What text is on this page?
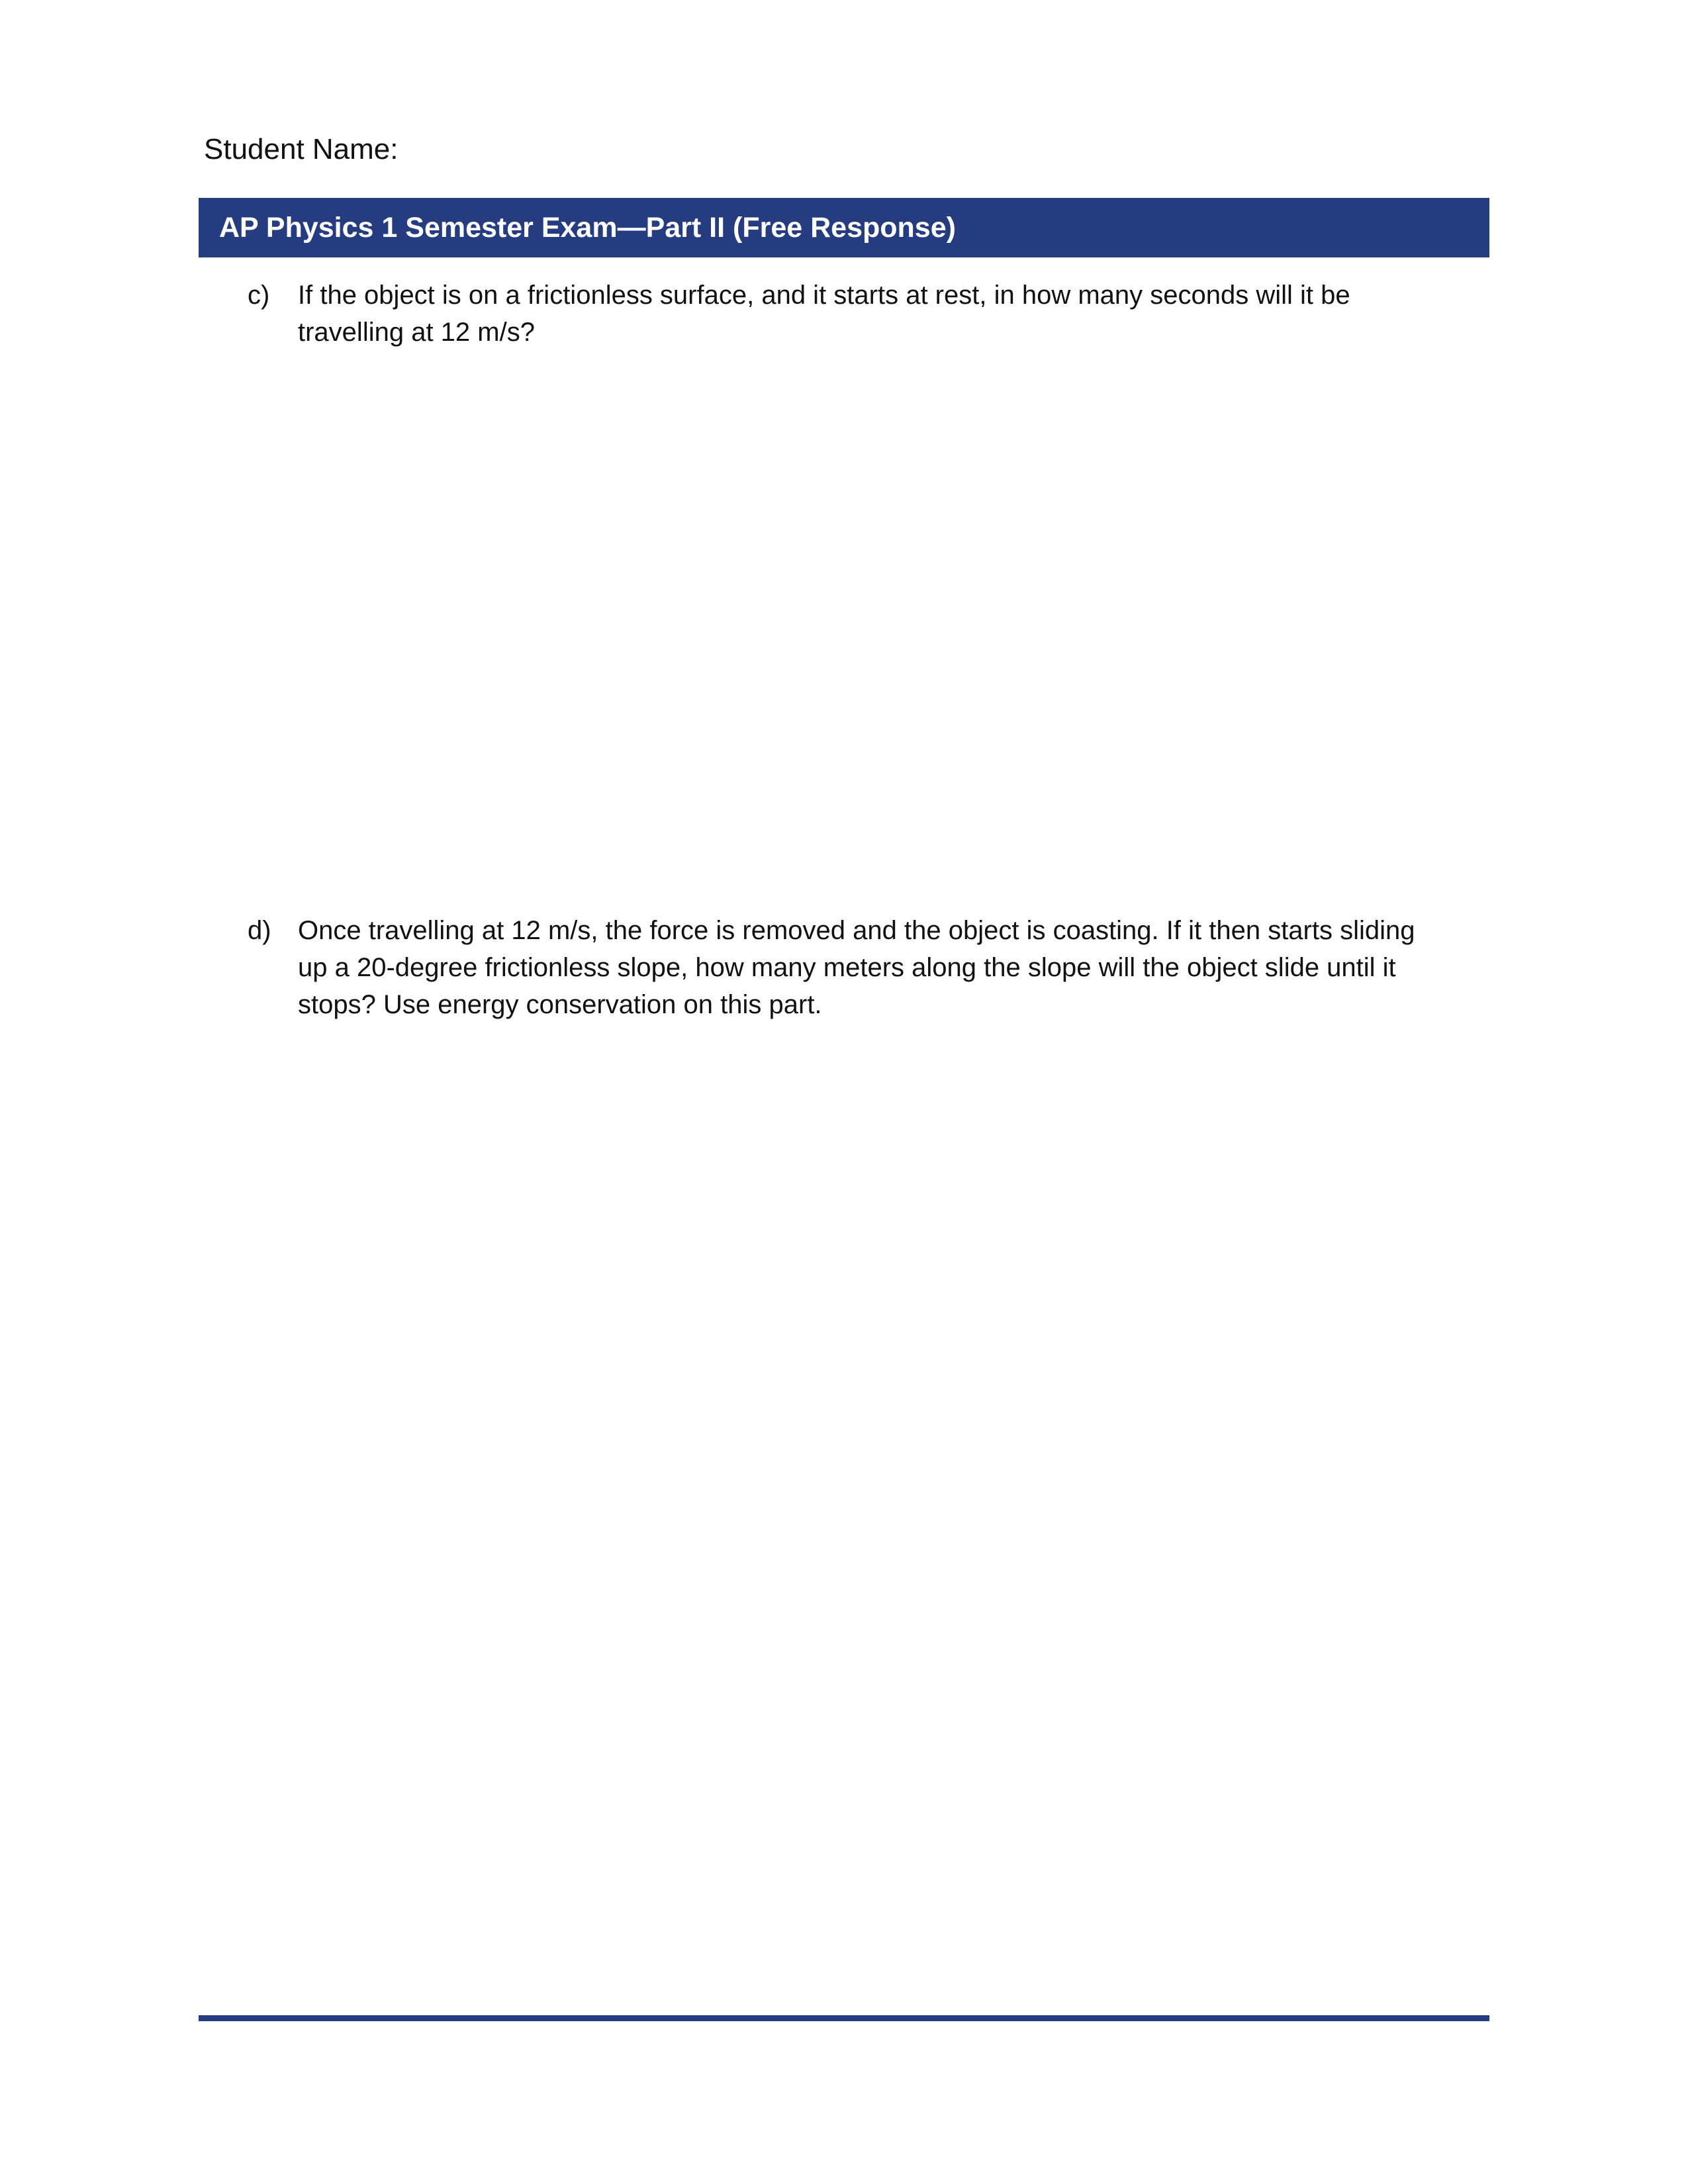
Student Name:
AP Physics 1 Semester Exam—Part II (Free Response)
c)	If the object is on a frictionless surface, and it starts at rest, in how many seconds will it be
travelling at 12 m/s?
d)	Once travelling at 12 m/s, the force is removed and the object is coasting. If it then starts sliding
up a 20-degree frictionless slope, how many meters along the slope will the object slide until it
stops? Use energy conservation on this part.
